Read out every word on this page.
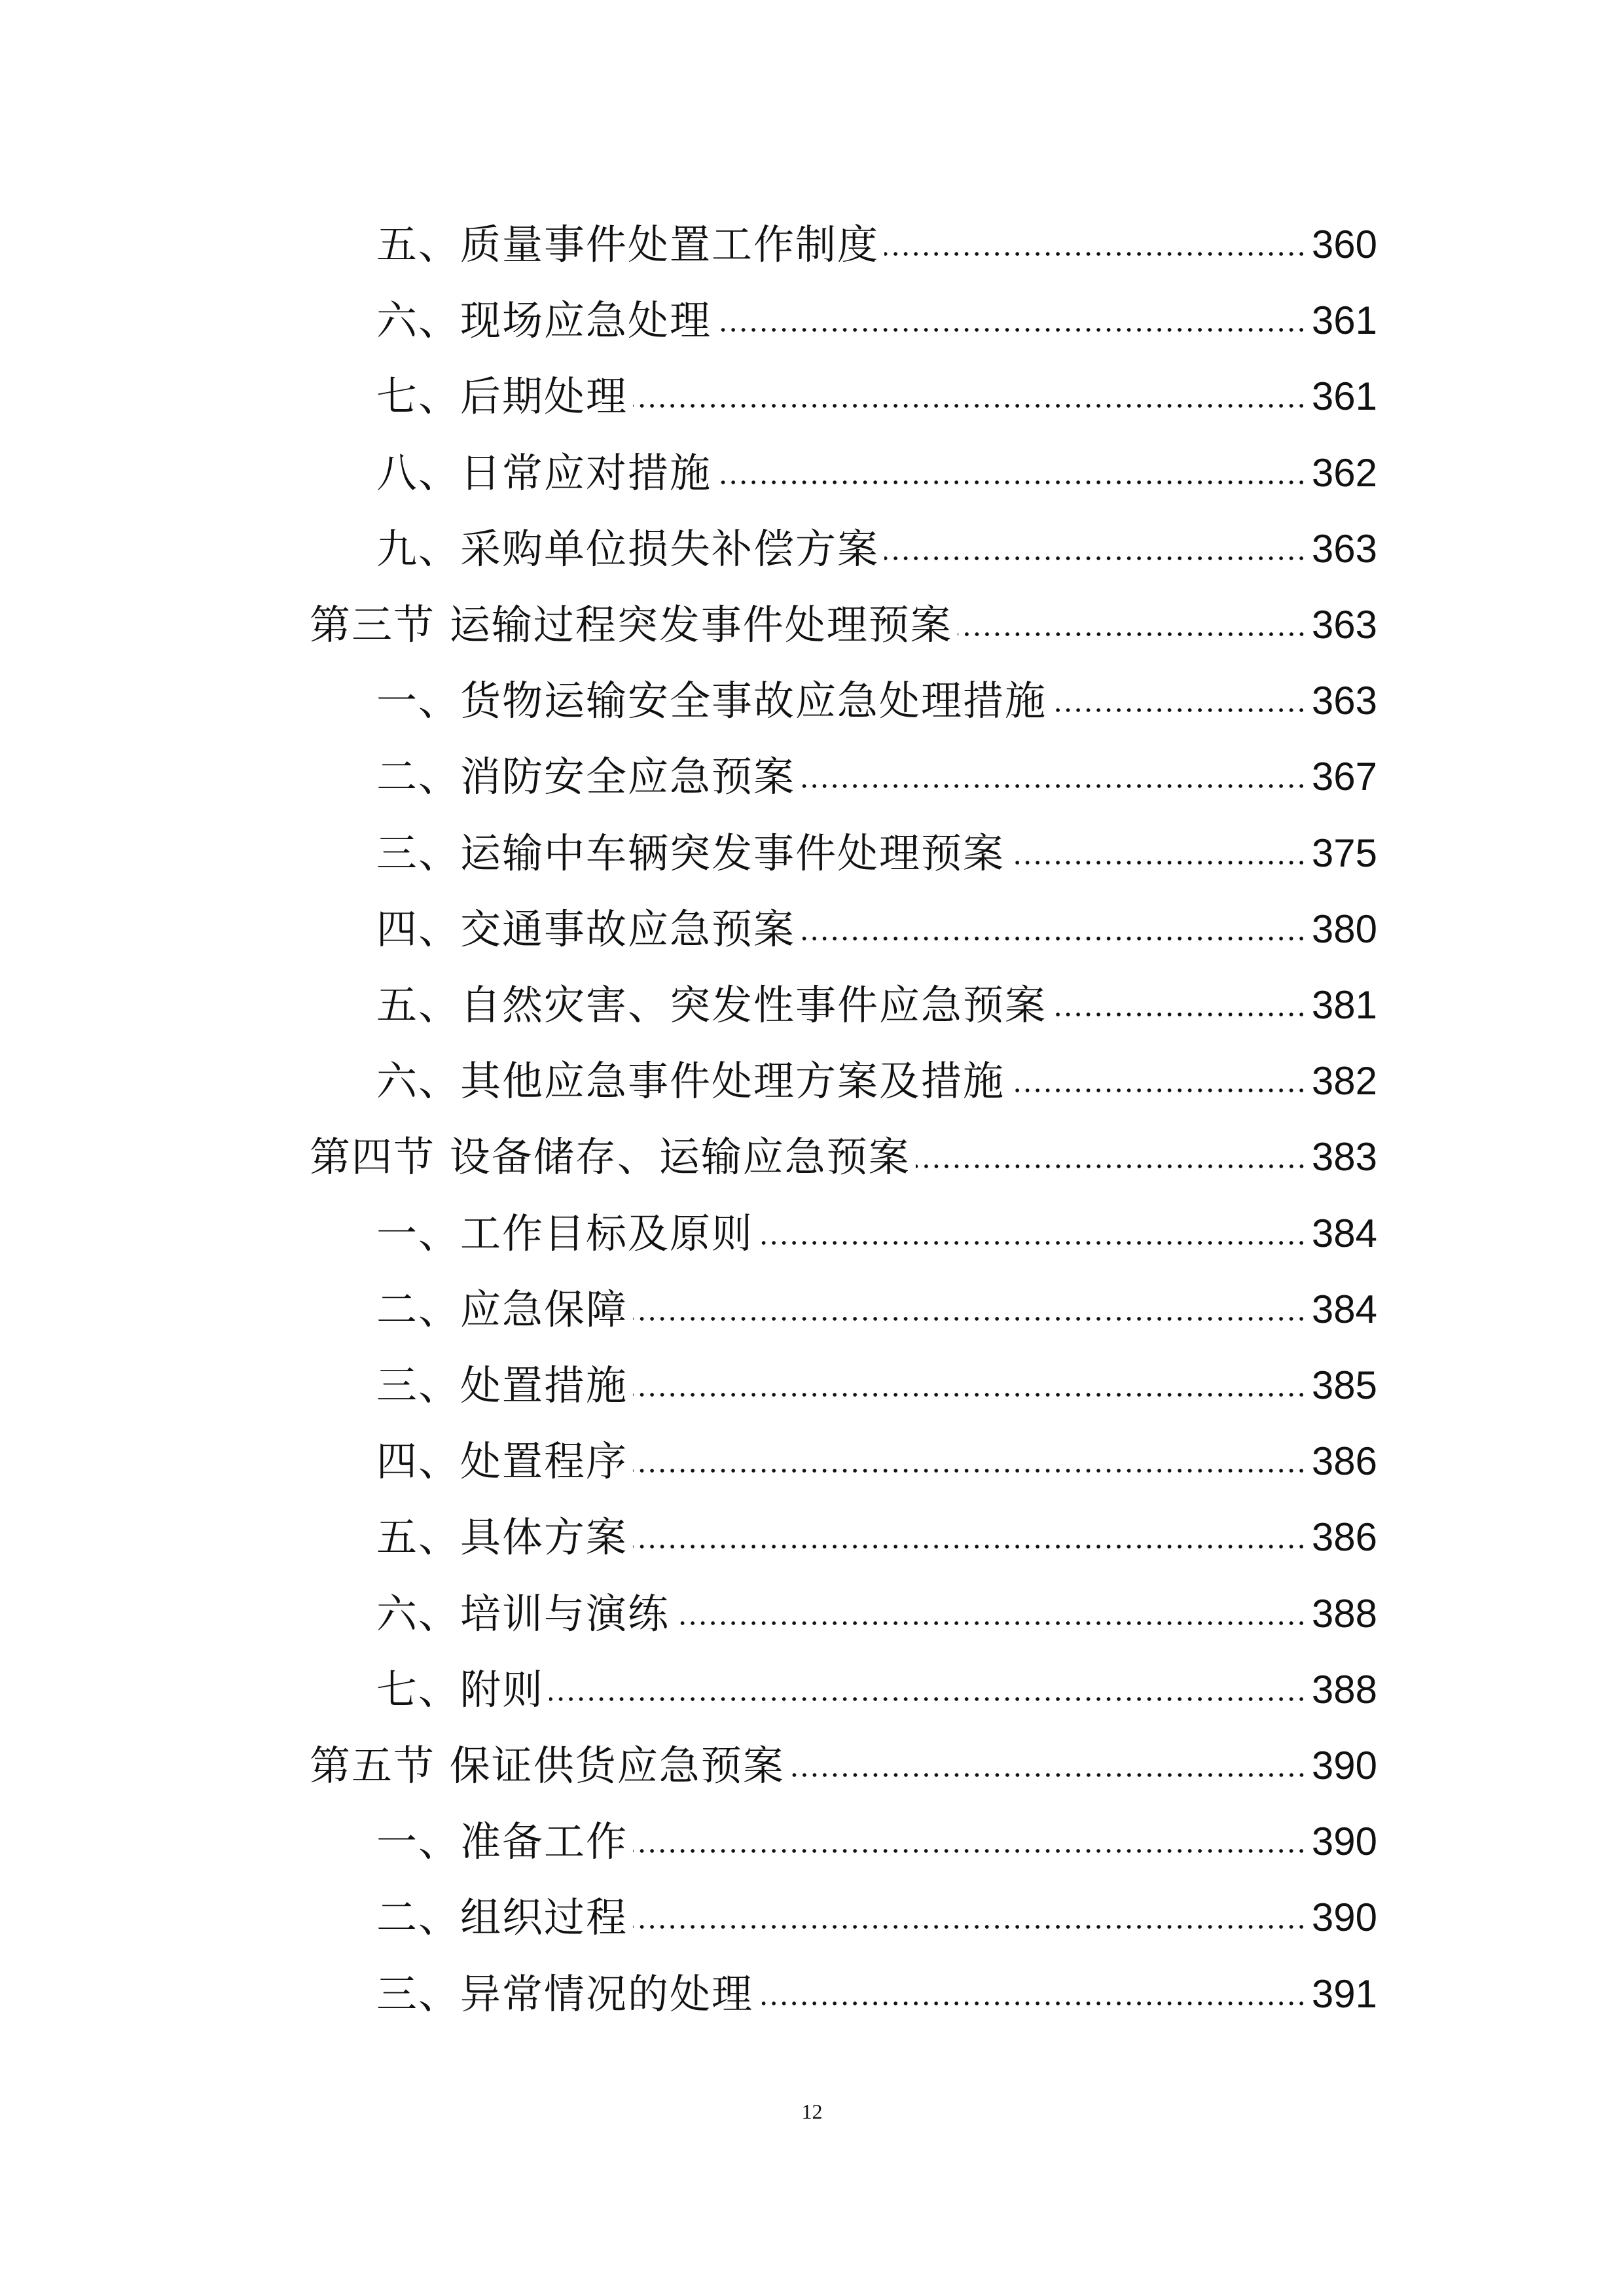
五、质量事件处置工作制度	360
六、现场应急处理	361
七、后期处理	361
八、日常应对措施	362
九、采购单位损失补偿方案	363
第三节 运输过程突发事件处理预案	363
一、货物运输安全事故应急处理措施	363
二、消防安全应急预案	367
三、运输中车辆突发事件处理预案	375
四、交通事故应急预案	380
五、自然灾害、突发性事件应急预案	381
六、其他应急事件处理方案及措施	382
第四节 设备储存、运输应急预案	383
一、工作目标及原则	384
二、应急保障	384
三、处置措施	385
四、处置程序	386
五、具体方案	386
六、培训与演练	388
七、附则	388
第五节 保证供货应急预案	390
一、准备工作	390
二、组织过程	390
三、异常情况的处理	391
12
